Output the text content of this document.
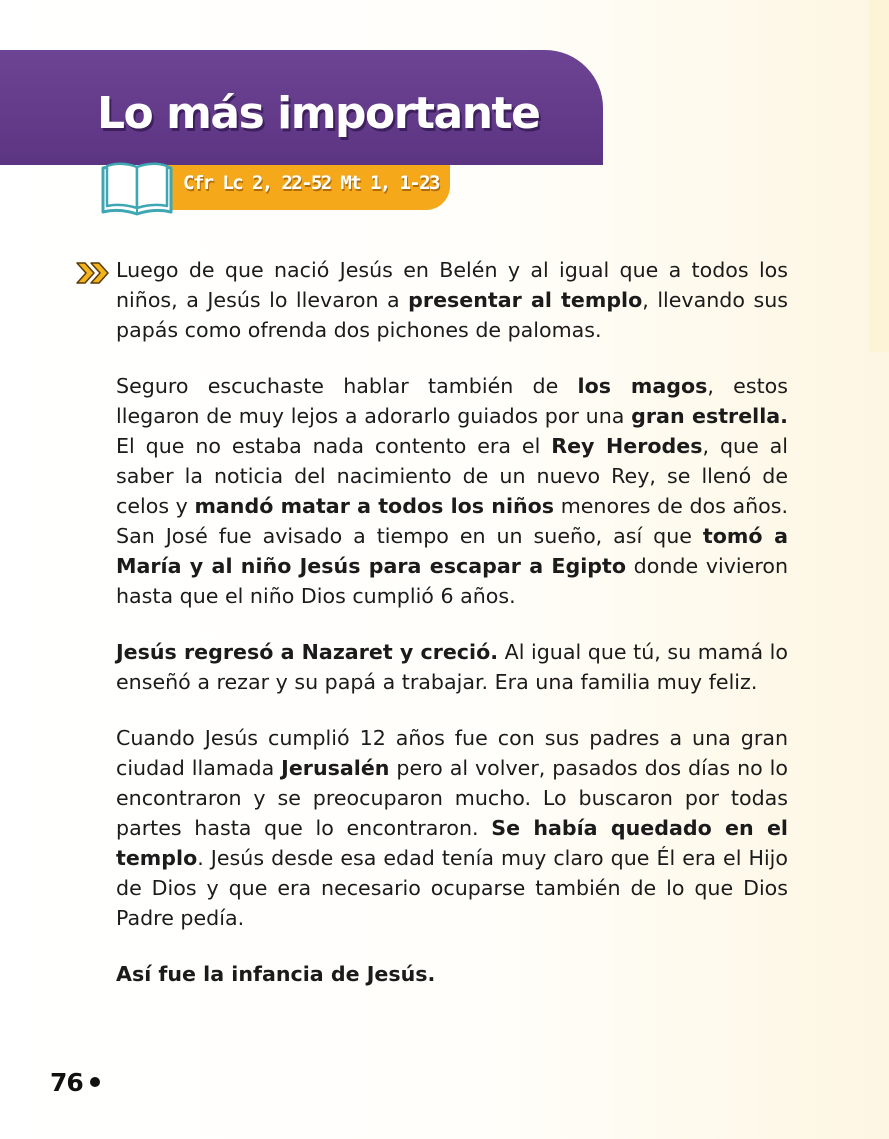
Lo más importante
Cfr Lc 2, 22-52 Mt 1, 1-23

Luego de que nació Jesús en Belén y al igual que a todos los niños, a Jesús lo llevaron a presentar al templo, llevando sus papás como ofrenda dos pichones de palomas.

Seguro escuchaste hablar también de los magos, estos llegaron de muy lejos a adorarlo guiados por una gran estrella. El que no estaba nada contento era el Rey Herodes, que al saber la noticia del nacimiento de un nuevo Rey, se llenó de celos y mandó matar a todos los niños menores de dos años. San José fue avisado a tiempo en un sueño, así que tomó a María y al niño Jesús para escapar a Egipto donde vivieron hasta que el niño Dios cumplió 6 años.

Jesús regresó a Nazaret y creció. Al igual que tú, su mamá lo enseñó a rezar y su papá a trabajar. Era una familia muy feliz.

Cuando Jesús cumplió 12 años fue con sus padres a una gran ciudad llamada Jerusalén pero al volver, pasados dos días no lo encontraron y se preocuparon mucho. Lo buscaron por todas partes hasta que lo encontraron. Se había quedado en el templo. Jesús desde esa edad tenía muy claro que Él era el Hijo de Dios y que era necesario ocuparse también de lo que Dios Padre pedía.

Así fue la infancia de Jesús.

76
